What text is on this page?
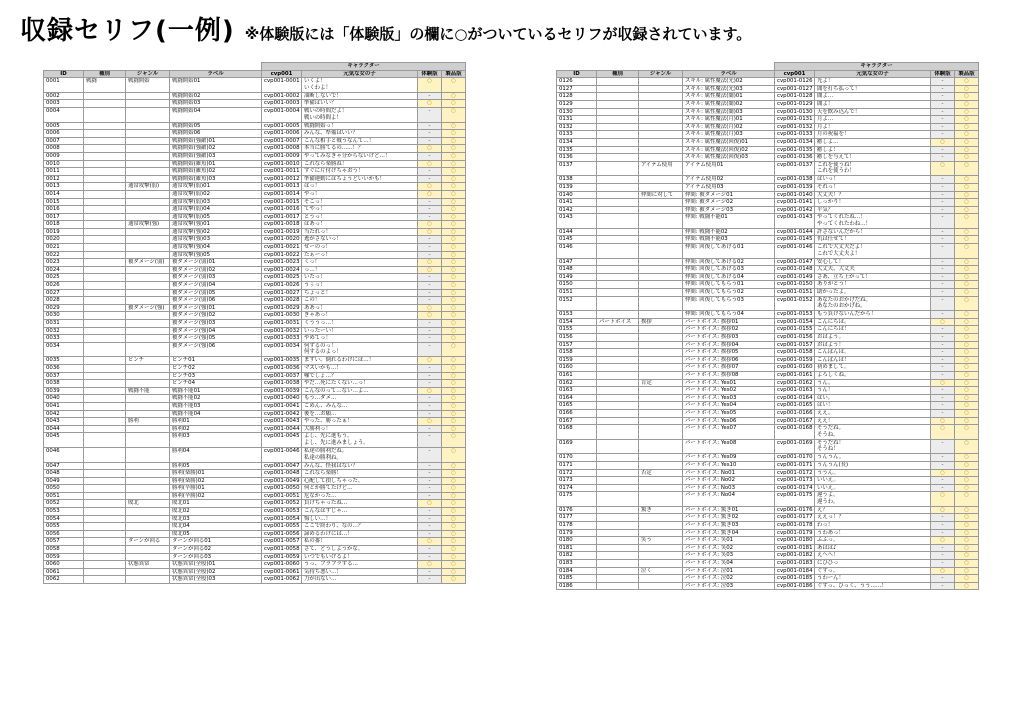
収録セリフ(一例) ※体験版には「体験版」の欄に○がついているセリフが収録されています。
				キャラクター			
ID	種別	ジャンル	ラベル	cvp001	元気な女の子	体験版	製品版
0001	戦闘	戦闘開始	戦闘開始01	cvp001-0001	いくよ！
いくわよ！	○	○
0002			戦闘開始02	cvp001-0002	油断しないで！	-	○
0003			戦闘開始03	cvp001-0003	準備はいい？	○	○
0004			戦闘開始04	cvp001-0004	戦いの時間だよ！
戦いの時間よ！	-	○
0005			戦闘開始05	cvp001-0005	戦闘開始っ！	-	○
0006			戦闘開始06	cvp001-0006	みんな、準備はいい？	-	○
0007			戦闘開始(強敵)01	cvp001-0007	こんな相手と戦うなんて…！	-	○
0008			戦闘開始(強敵)02	cvp001-0008	本当に勝てるの……！？	○	○
0009			戦闘開始(強敵)03	cvp001-0009	やってみなきゃ分からないけど…！	-	○
0010			戦闘開始(雑魚)01	cvp001-0010	これなら楽勝ね！	○	○
0011			戦闘開始(雑魚)02	cvp001-0011	すぐに片付けちゃおう！	-	○
0012			戦闘開始(雑魚)03	cvp001-0012	準備運動にはちょうどいいかも！	-	○
0013		通常攻撃(弱)	通常攻撃(弱)01	cvp001-0013	はっ！	○	○
0014			通常攻撃(弱)02	cvp001-0014	やっ！	○	○
0015			通常攻撃(弱)03	cvp001-0015	そこっ！	-	○
0016			通常攻撃(弱)04	cvp001-0016	てやっ！	-	○
0017			通常攻撃(弱)05	cvp001-0017	とうっ！	-	○
0018		通常攻撃(強)	通常攻撃(強)01	cvp001-0018	はあっ！	○	○
0019			通常攻撃(強)02	cvp001-0019	当たれっ！	○	○
0020			通常攻撃(強)03	cvp001-0020	逃がさないっ！	-	○
0021			通常攻撃(強)04	cvp001-0021	せーのっ！	-	○
0022			通常攻撃(強)05	cvp001-0022	たぁーっ！	-	○
0023		被ダメージ(弱)	被ダメージ(弱)01	cvp001-0023	くっ！	○	○
0024			被ダメージ(弱)02	cvp001-0024	っ…！	○	○
0025			被ダメージ(弱)03	cvp001-0025	いたっ！	-	○
0026			被ダメージ(弱)04	cvp001-0026	うぅっ！	-	○
0027			被ダメージ(弱)05	cvp001-0027	ちょっと！	-	○
0028			被ダメージ(弱)06	cvp001-0028	この！	-	○
0029		被ダメージ(強)	被ダメージ(強)01	cvp001-0029	ああっ！	○	○
0030			被ダメージ(強)02	cvp001-0030	きゃあっ！	○	○
0031			被ダメージ(強)03	cvp001-0031	くううっ…！	-	○
0032			被ダメージ(強)04	cvp001-0032	いったーい！	-	○
0033			被ダメージ(強)05	cvp001-0033	やめてっ！	-	○
0034			被ダメージ(強)06	cvp001-0034	何するのっ！
何するのよっ！	-	○
0035		ピンチ	ピンチ01	cvp001-0035	まずい、倒れるわけには…！	○	○
0036			ピンチ02	cvp001-0036	マズいかも…！	-	○
0037			ピンチ03	cvp001-0037	嘘でしょ…？	-	○
0038			ピンチ04	cvp001-0038	やだ…死にたくない…っ！	-	○
0039		戦闘不能	戦闘不能01	cvp001-0039	こんなのって…ない…よ…	○	○
0040			戦闘不能02	cvp001-0040	もう…ダメ…	-	○
0041			戦闘不能03	cvp001-0041	ごめん、みんな…	-	○
0042			戦闘不能04	cvp001-0042	後を…お願…	-	○
0043		勝利	勝利01	cvp001-0043	やった、勝ったぁ！	○	○
0044			勝利02	cvp001-0044	大勝利っ！	-	○
0045			勝利03	cvp001-0045	よし、先に進もう。
よし、先に進みましょう。	-	○
0046			勝利04	cvp001-0046	私達の勝利だね。
私達の勝利ね。	-	○
0047			勝利05	cvp001-0047	みんな、怪我はない？	-	○
0048			勝利(楽勝)01	cvp001-0048	これなら楽勝！	-	○
0049			勝利(楽勝)02	cvp001-0049	心配して損しちゃった。	-	○
0050			勝利(辛勝)01	cvp001-0050	何とか勝てたけど…	-	○
0051			勝利(辛勝)02	cvp001-0051	危なかった…	-	○
0052		敗北	敗北01	cvp001-0052	負けちゃったね…	○	○
0053			敗北02	cvp001-0053	こんなはずじゃ…	-	○
0054			敗北03	cvp001-0054	悔しい…！	-	○
0055			敗北04	cvp001-0055	ここで終わり、なの…？	-	○
0056			敗北05	cvp001-0056	諦めるわけには…！	-	○
0057		ターンが回る	ターンが回る01	cvp001-0057	私の番！	○	○
0058			ターンが回る02	cvp001-0058	さて、どうしようかな。	-	○
0059			ターンが回る03	cvp001-0059	いつでもいけるよ！	-	○
0060		状態異常	状態異常(全般)01	cvp001-0060	うっ、フラフラする…	○	○
0061			状態異常(全般)02	cvp001-0061	気持ち悪い…！	-	○
0062			状態異常(全般)03	cvp001-0062	力が出ない…	-	○
				キャラクター			
ID	種別	ジャンル	ラベル	cvp001	元気な女の子	体験版	製品版
0126			スキル: 属性魔法(光)02	cvp001-0126	光よ！	-	○
0127			スキル: 属性魔法(光)03	cvp001-0127	闇を打ち払って！	-	○
0128			スキル: 属性魔法(闇)01	cvp001-0128	闇よ…	-	○
0129			スキル: 属性魔法(闇)02	cvp001-0129	闇よ！	-	○
0130			スキル: 属性魔法(闇)03	cvp001-0130	天を飲み込んで！	-	○
0131			スキル: 属性魔法(月)01	cvp001-0131	月よ…	-	○
0132			スキル: 属性魔法(月)02	cvp001-0132	月よ！	-	○
0133			スキル: 属性魔法(月)03	cvp001-0133	月の祝福を！	-	○
0134			スキル: 属性魔法(回復)01	cvp001-0134	癒しよ…	○	○
0135			スキル: 属性魔法(回復)02	cvp001-0135	癒しよ！	-	○
0136			スキル: 属性魔法(回復)03	cvp001-0136	癒しを与えて！	-	○
0137		アイテム使用	アイテム使用01	cvp001-0137	これを使うね！
これを使うわ！	○	○
0138			アイテム使用02	cvp001-0138	はいっ！	-	○
0139			アイテム使用03	cvp001-0139	それっ！	-	○
0140		仲間に対して	仲間: 被ダメージ01	cvp001-0140	大丈夫！？	-	○
0141			仲間: 被ダメージ02	cvp001-0141	しっかり！	-	○
0142			仲間: 被ダメージ03	cvp001-0142	平気？	-	○
0143			仲間: 戦闘不能01	cvp001-0143	やってくれたね…！
やってくれたわね…！	-	○
0144			仲間: 戦闘不能02	cvp001-0144	許さないんだから！	-	○
0145			仲間: 戦闘不能03	cvp001-0145	仇は任せて！	-	○
0146			仲間: 回復してあげる01	cvp001-0146	これで大丈夫だよ！
これで大丈夫よ！	-	○
0147			仲間: 回復してあげる02	cvp001-0147	安心して！	-	○
0148			仲間: 回復してあげる03	cvp001-0148	大丈夫、大丈夫	-	○
0149			仲間: 回復してあげる04	cvp001-0149	さあ、立ち上がって！	-	○
0150			仲間: 回復してもらう01	cvp001-0150	ありがとう！	-	○
0151			仲間: 回復してもらう02	cvp001-0151	助かったよ。	-	○
0152			仲間: 回復してもらう03	cvp001-0152	あなたのおかげだね。
あなたのおかげね。	-	○
0153			仲間: 回復してもらう04	cvp001-0153	もう負けないんだから！	-	○
0154	パートボイス	挨拶	パートボイス: 挨拶01	cvp001-0154	こんにちは。	○	○
0155			パートボイス: 挨拶02	cvp001-0155	こんにちは！	-	○
0156			パートボイス: 挨拶03	cvp001-0156	おはよう。	-	○
0157			パートボイス: 挨拶04	cvp001-0157	おはよう！	-	○
0158			パートボイス: 挨拶05	cvp001-0158	こんばんは。	-	○
0159			パートボイス: 挨拶06	cvp001-0159	こんばんは！	-	○
0160			パートボイス: 挨拶07	cvp001-0160	初めまして。	-	○
0161			パートボイス: 挨拶08	cvp001-0161	よろしくね。	-	○
0162		肯定	パートボイス: Yes01	cvp001-0162	うん。	○	○
0163			パートボイス: Yes02	cvp001-0163	うん！	-	○
0164			パートボイス: Yes03	cvp001-0164	はい。	-	○
0165			パートボイス: Yes04	cvp001-0165	はい！	-	○
0166			パートボイス: Yes05	cvp001-0166	ええ。	-	○
0167			パートボイス: Yes06	cvp001-0167	ええ！	○	○
0168			パートボイス: Yes07	cvp001-0168	そうだね。
そうね。	○	○
0169			パートボイス: Yes08	cvp001-0169	そうだね！
そうね！	-	○
0170			パートボイス: Yes09	cvp001-0170	うんうん。	-	○
0171			パートボイス: Yes10	cvp001-0171	うんうん(長)	-	○
0172		否定	パートボイス: No01	cvp001-0172	ううん。	○	○
0173			パートボイス: No02	cvp001-0173	いいえ。	-	○
0174			パートボイス: No03	cvp001-0174	いいえ。	-	○
0175			パートボイス: No04	cvp001-0175	違うよ。
違うわ。	○	○
0176		驚き	パートボイス: 驚き01	cvp001-0176	え？	○	○
0177			パートボイス: 驚き02	cvp001-0177	ええっ！？	-	○
0178			パートボイス: 驚き03	cvp001-0178	わっ！	-	○
0179			パートボイス: 驚き04	cvp001-0179	うわあっ！	-	○
0180		笑う	パートボイス: 笑01	cvp001-0180	ふふっ。	○	○
0181			パートボイス: 笑02	cvp001-0181	あはは♪	-	○
0182			パートボイス: 笑03	cvp001-0182	えへへ！	-	○
0183			パートボイス: 笑04	cvp001-0183	にひひっ	-	○
0184		泣く	パートボイス: 泣01	cvp001-0184	ぐすっ。	○	○
0185			パートボイス: 泣02	cvp001-0185	うわーん！	-	○
0186			パートボイス: 泣03	cvp001-0186	ぐすっ、ひっく、うう……！	-	○
